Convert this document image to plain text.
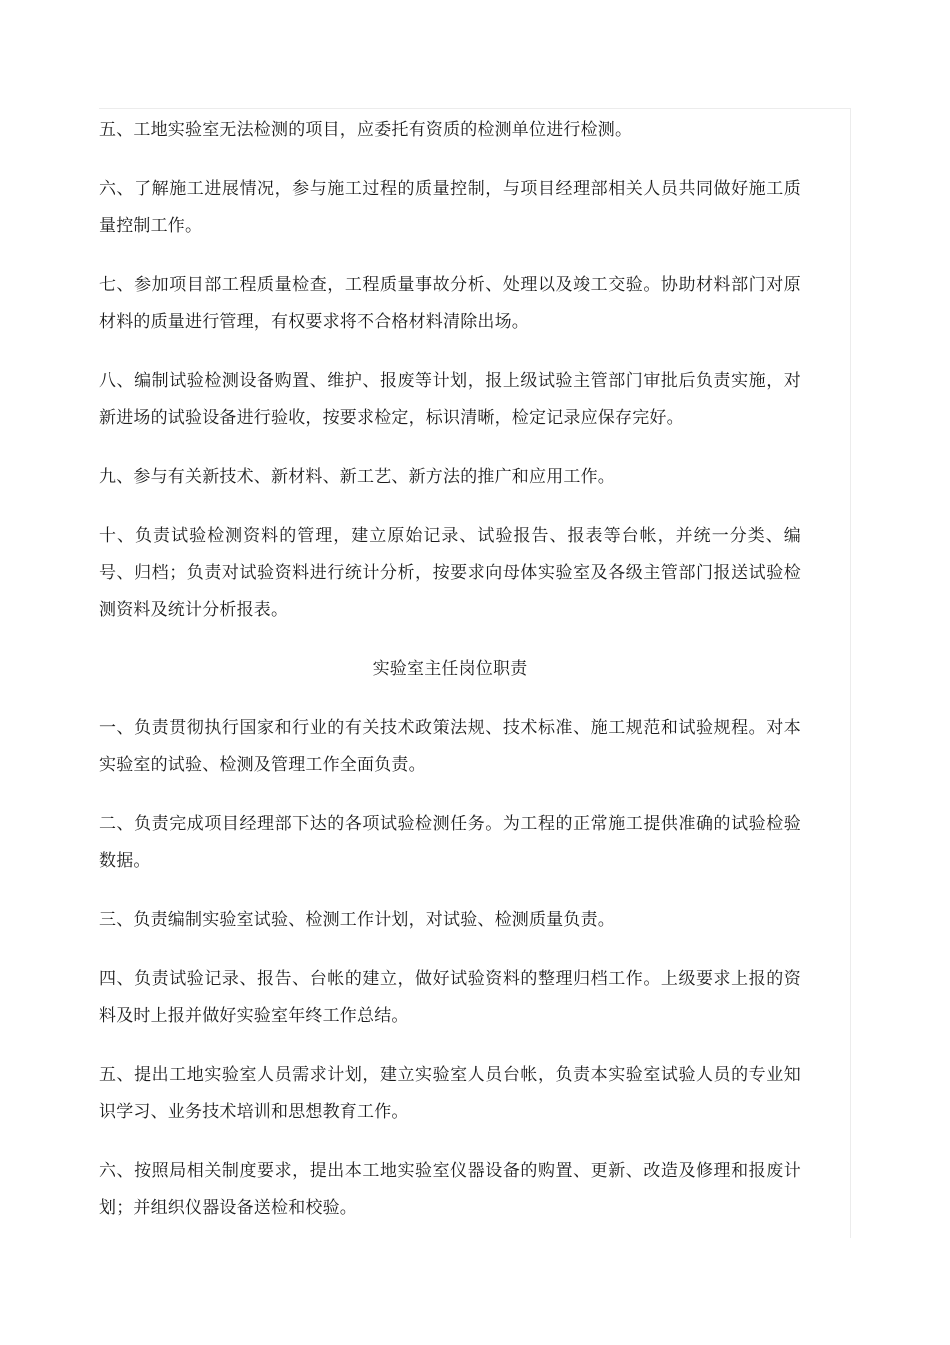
五、工地实验室无法检测的项目，应委托有资质的检测单位进行检测。

六、了解施工进展情况，参与施工过程的质量控制，与项目经理部相关人员共同做好施工质量控制工作。

七、参加项目部工程质量检查，工程质量事故分析、处理以及竣工交验。协助材料部门对原材料的质量进行管理，有权要求将不合格材料清除出场。

八、编制试验检测设备购置、维护、报废等计划，报上级试验主管部门审批后负责实施，对新进场的试验设备进行验收，按要求检定，标识清晰，检定记录应保存完好。

九、参与有关新技术、新材料、新工艺、新方法的推广和应用工作。

十、负责试验检测资料的管理，建立原始记录、试验报告、报表等台帐，并统一分类、编号、归档；负责对试验资料进行统计分析，按要求向母体实验室及各级主管部门报送试验检测资料及统计分析报表。

实验室主任岗位职责

一、负责贯彻执行国家和行业的有关技术政策法规、技术标准、施工规范和试验规程。对本实验室的试验、检测及管理工作全面负责。

二、负责完成项目经理部下达的各项试验检测任务。为工程的正常施工提供准确的试验检验数据。

三、负责编制实验室试验、检测工作计划，对试验、检测质量负责。

四、负责试验记录、报告、台帐的建立，做好试验资料的整理归档工作。上级要求上报的资料及时上报并做好实验室年终工作总结。

五、提出工地实验室人员需求计划，建立实验室人员台帐，负责本实验室试验人员的专业知识学习、业务技术培训和思想教育工作。

六、按照局相关制度要求，提出本工地实验室仪器设备的购置、更新、改造及修理和报废计划；并组织仪器设备送检和校验。
